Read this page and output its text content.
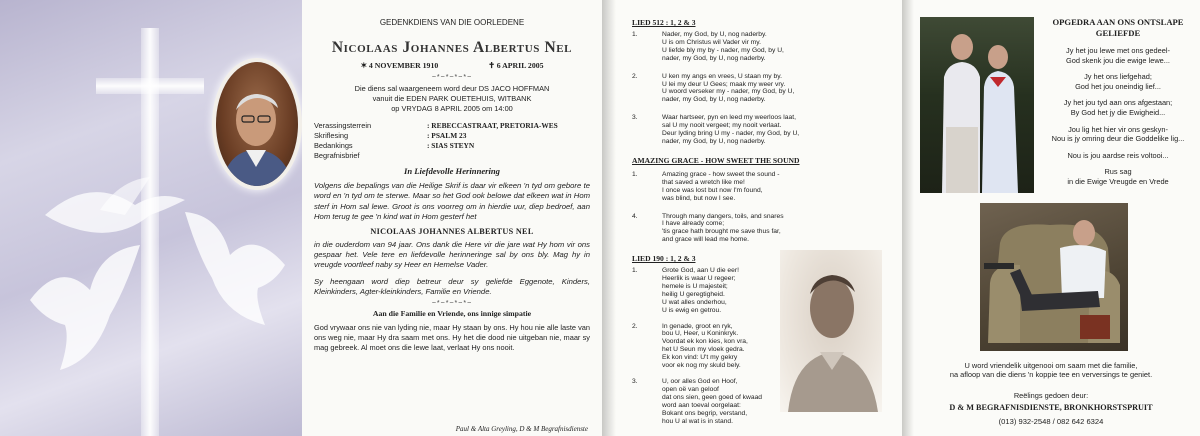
GEDENKDIENS VAN DIE OORLEDENE
Nicolaas Johannes Albertus Nel
✶ 4 NOVEMBER 1910	✝ 6 APRIL 2005
~*~*~*~*~
Die diens sal waargeneem word deur DS JACO HOFFMAN
vanuit die EDEN PARK OUETEHUIS, WITBANK
op VRYDAG 8 APRIL 2005 om 14:00
Verassingsterrein	: REBECCASTRAAT, PRETORIA-WES
Skriflesing	: PSALM 23
Bedankings	: SIAS STEYN
Begrafnisbrief
In Liefdevolle Herinnering
Volgens die bepalings van die Heilige Skrif is daar vir elkeen 'n tyd om gebore te word en 'n tyd om te sterwe. Maar so het God ook belowe dat elkeen wat in Hom sterf in Hom sal lewe. Groot is ons voorreg om in hierdie uur, diep bedroef, aan Hom terug te gee 'n kind wat in Hom gesterf het
NICOLAAS JOHANNES ALBERTUS NEL
in die ouderdom van 94 jaar. Ons dank die Here vir die jare wat Hy hom vir ons gespaar het. Vele tere en liefdevolle herinneringe sal by ons bly. Mag hy in vreugde voortleef naby sy Heer en Hemelse Vader.
Sy heengaan word diep betreur deur sy geliefde Eggenote, Kinders, Kleinkinders, Agter-kleinkinders, Familie en Vriende.
~*~*~*~*~
Aan die Familie en Vriende, ons innige simpatie
God vrywaar ons nie van lyding nie, maar Hy staan by ons. Hy hou nie alle laste van ons weg nie, maar Hy dra saam met ons. Hy het die dood nie uitgeban nie, maar sy mag gebreek. Al moet ons die lewe laat, verlaat Hy ons nooit.
Paul & Alta Greyling, D & M Begrafnisdienste
LIED 512 : 1, 2 & 3
1.	Nader, my God, by U, nog naderby.
U is om Christus wil Vader vir my.
U liefde bly my by - nader, my God, by U,
nader, my God, by U, nog naderby.
2.	U ken my angs en vrees, U staan my by.
U lei my deur U Gees; maak my weer vry.
U woord verseker my - nader, my God, by U,
nader, my God, by U, nog naderby.
3.	Waar hartseer, pyn en leed my weerloos laat,
sal U my nooit vergeet; my nooit verlaat.
Deur lyding bring U my - nader, my God, by U,
nader, my God, by U, nog naderby.
AMAZING GRACE - HOW SWEET THE SOUND
1.	Amazing grace - how sweet the sound -
that saved a wretch like me!
I once was lost but now I'm found,
was blind, but now I see.
4.	Through many dangers, toils, and snares
I have already come;
'tis grace hath brought me save thus far,
and grace will lead me home.
LIED 190 : 1, 2 & 3
1.	Grote God, aan U die eer!
Heerlik is waar U regeer;
hemele is U majesteit;
heilig U geregtigheid.
U wat alles onderhou,
U is ewig en getrou.
2.	In genade, groot en ryk,
bou U, Heer, u Koninkryk.
Voordat ek kon kies, kon vra,
het U Seun my vloek gedra.
Ek kon vind: U't my gekry
voor ek nog my skuld bely.
3.	U, oor alles God en Hoof,
open oë van geloof
dat ons sien, geen goed of kwaad
word aan toeval oorgelaat:
Bokant ons begrip, verstand,
hou U al wat is in stand.
OPGEDRA AAN ONS ONTSLAPE
GELIEFDE
Jy het jou lewe met ons gedeel-
God skenk jou die ewige lewe...
Jy het ons liefgehad;
God het jou oneindig lief...
Jy het jou tyd aan ons afgestaan;
By God het jy die Ewigheid...
Jou lig het hier vir ons geskyn-
Nou is jy omring deur die Goddelike lig...
Nou is jou aardse reis voltooi...
Rus sag
in die Ewige Vreugde en Vrede
U word vriendelik uitgenooi om saam met die familie,
na afloop van die diens 'n koppie tee en verversings te geniet.
Reëlings gedoen deur:
D & M BEGRAFNISDIENSTE, BRONKHORSTSPRUIT
(013) 932-2548 / 082 642 6324
